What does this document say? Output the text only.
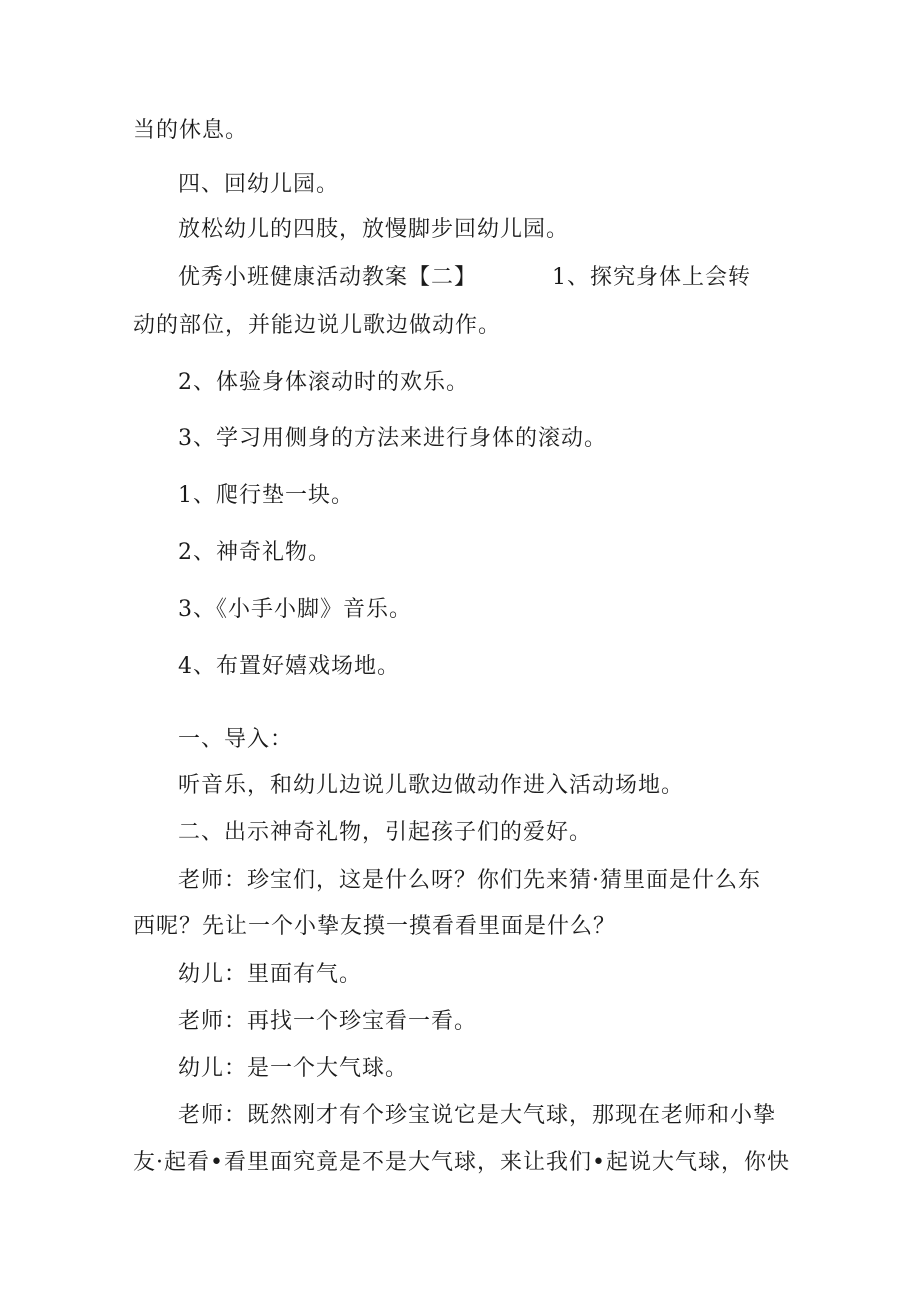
当的休息。
四、回幼儿园。
放松幼儿的四肢，放慢脚步回幼儿园。
优秀小班健康活动教案【二】	1、探究身体上会转
动的部位，并能边说儿歌边做动作。
2、体验身体滚动时的欢乐。
3、学习用侧身的方法来进行身体的滚动。
1、爬行垫一块。
2、神奇礼物。
3、《小手小脚》音乐。
4、布置好嬉戏场地。
一、导入：
听音乐，和幼儿边说儿歌边做动作进入活动场地。
二、出示神奇礼物，引起孩子们的爱好。
老师：珍宝们，这是什么呀？你们先来猜·猜里面是什么东
西呢？先让一个小挚友摸一摸看看里面是什么？
幼儿：里面有气。
老师：再找一个珍宝看一看。
幼儿：是一个大气球。
老师：既然刚才有个珍宝说它是大气球，那现在老师和小挚
友·起看•看里面究竟是不是大气球，来让我们•起说大气球，你快
